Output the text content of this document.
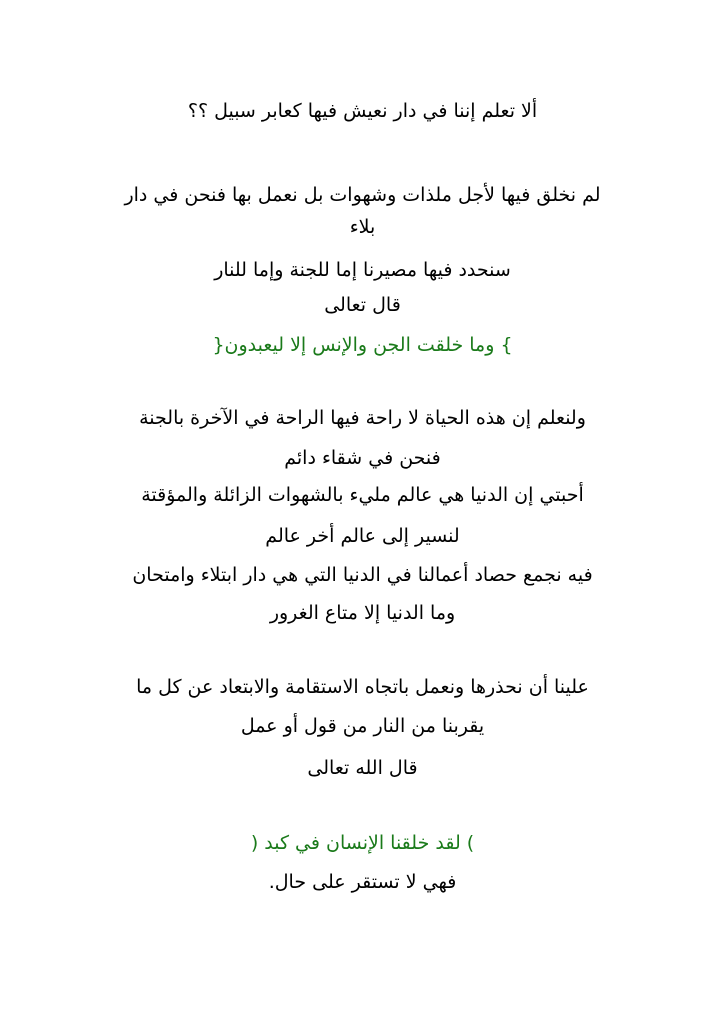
ألا تعلم إننا في دار نعيش فيها كعابر سبيل ؟؟
لم نخلق فيها لأجل ملذات وشهوات بل نعمل بها فنحن في دار
بلاء
سنحدد فيها مصيرنا إما للجنة وإما للنار
قال تعالى
} وما خلقت الجن والإنس إلا ليعبدون{
ولنعلم إن هذه الحياة لا راحة فيها الراحة في الآخرة بالجنة
فنحن في شقاء دائم
أحبتي إن الدنيا هي عالم مليء بالشهوات الزائلة والمؤقتة
لنسير إلى عالم أخر عالم
فيه نجمع حصاد أعمالنا في الدنيا التي هي دار ابتلاء وامتحان
وما الدنيا إلا متاع الغرور
علينا أن نحذرها ونعمل باتجاه الاستقامة والابتعاد عن كل ما
يقربنا من النار من قول أو عمل
قال الله تعالى
) لقد خلقنا الإنسان في كبد (
فهي لا تستقر على حال.
